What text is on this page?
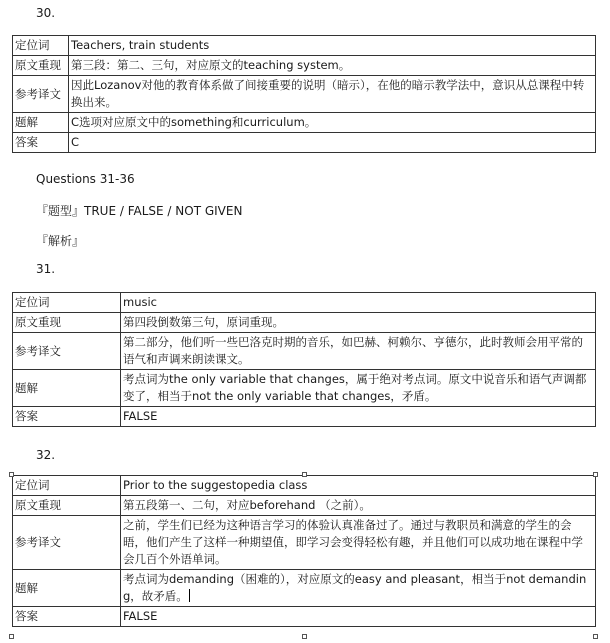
30.
定位词	Teachers, train students
原文重现	第三段：第二、三句，对应原文的teaching system。
参考译文	因此Lozanov对他的教育体系做了间接重要的说明（暗示），在他的暗示教学法中，意识从总课程中转换出来。
题解	C选项对应原文中的something和curriculum。
答案	C
Questions 31-36
『题型』TRUE / FALSE / NOT GIVEN
『解析』
31.
定位词	music
原文重现	第四段倒数第三句，原词重现。
参考译文	第二部分，他们听一些巴洛克时期的音乐，如巴赫、柯赖尔、亨德尔，此时教师会用平常的语气和声调来朗读课文。
题解	考点词为the only variable that changes，属于绝对考点词。原文中说音乐和语气声调都变了，相当于not the only variable that changes，矛盾。
答案	FALSE
32.
定位词	Prior to the suggestopedia class
原文重现	第五段第一、二句，对应beforehand （之前）。
参考译文	之前，学生们已经为这种语言学习的体验认真准备过了。通过与教职员和满意的学生的会晤，他们产生了这样一种期望值，即学习会变得轻松有趣，并且他们可以成功地在课程中学会几百个外语单词。
题解	考点词为demanding（困难的），对应原文的easy and pleasant，相当于not demanding，故矛盾。
答案	FALSE
